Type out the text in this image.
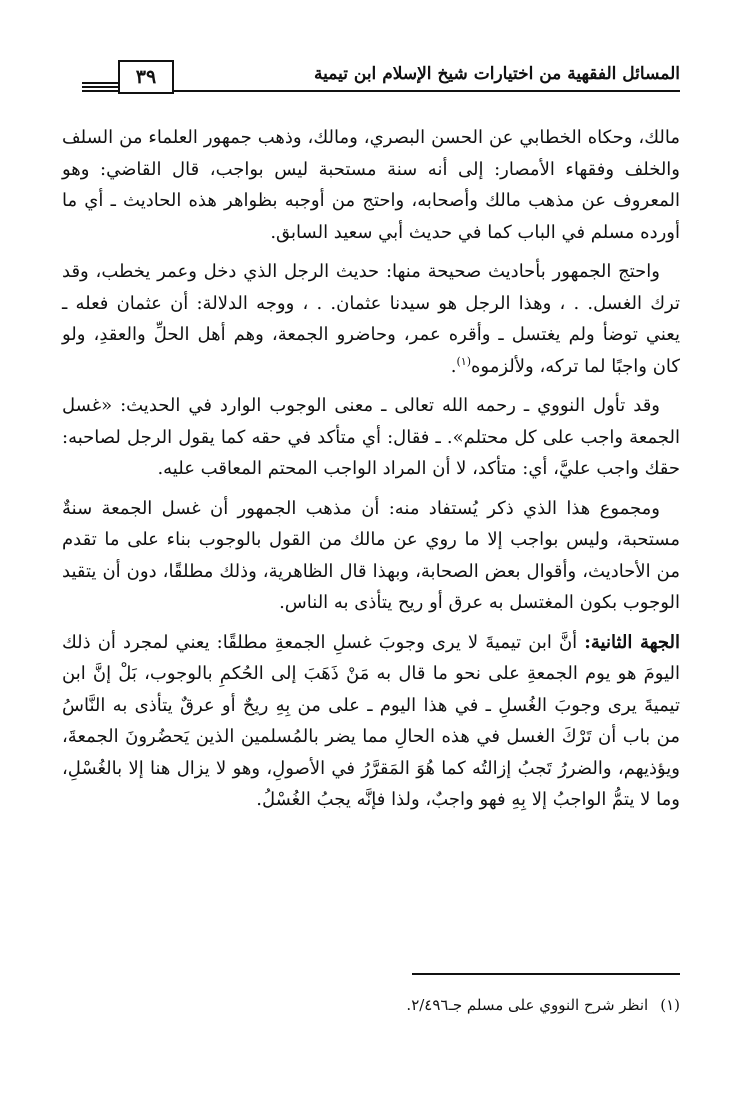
٣٩	المسائل الفقهية من اختيارات شيخ الإسلام ابن تيمية

مالك، وحكاه الخطابي عن الحسن البصري، ومالك، وذهب جمهور العلماء من السلف والخلف وفقهاء الأمصار: إلى أنه سنة مستحبة ليس بواجب، قال القاضي: وهو المعروف عن مذهب مالك وأصحابه، واحتج من أوجبه بظواهر هذه الحاديث ـ أي ما أورده مسلم في الباب كما في حديث أبي سعيد السابق.

واحتج الجمهور بأحاديث صحيحة منها: حديث الرجل الذي دخل وعمر يخطب، وقد ترك الغسل. . ، وهذا الرجل هو سيدنا عثمان. . ، ووجه الدلالة: أن عثمان فعله ـ يعني توضأ ولم يغتسل ـ وأقره عمر، وحاضرو الجمعة، وهم أهل الحلِّ والعقدِ، ولو كان واجبًا لما تركه، ولألزموه$^{(١)}$.

وقد تأول النووي ـ رحمه الله تعالى ـ معنى الوجوب الوارد في الحديث: «غسل الجمعة واجب على كل محتلم». ـ فقال: أي متأكد في حقه كما يقول الرجل لصاحبه: حقك واجب عليَّ، أي: متأكد، لا أن المراد الواجب المحتم المعاقب عليه.

ومجموع هذا الذي ذكر يُستفاد منه: أن مذهب الجمهور أن غسل الجمعة سنةٌ مستحبة، وليس بواجب إلا ما روي عن مالك من القول بالوجوب بناء على ما تقدم من الأحاديث، وأقوال بعض الصحابة، وبهذا قال الظاهرية، وذلك مطلقًا، دون أن يتقيد الوجوب بكون المغتسل به عرق أو ريح يتأذى به الناس.

الجهة الثانية: أنَّ ابن تيميةَ لا يرى وجوبَ غسلِ الجمعةِ مطلقًا: يعني لمجرد أن ذلك اليومَ هو يوم الجمعةِ على نحو ما قال به مَنْ ذَهَبَ إلى الحُكمِ بالوجوب، بَلْ إنَّ ابن تيميةَ يرى وجوبَ الغُسلِ ـ في هذا اليوم ـ على من بِهِ ريحٌ أو عرقٌ يتأذى به النَّاسُ من باب أن تَرْكَ الغسل في هذه الحالِ مما يضر بالمُسلمين الذين يَحضُرونَ الجمعةَ، ويؤذيهم، والضررُ تَجبُ إزالتُه كما هُوَ المَقرَّرُ في الأصولِ، وهو لا يزال هنا إلا بالغُسْلِ، وما لا يتمُّ الواجبُ إلا بِهِ فهو واجبٌ، ولذا فإنَّه يجبُ الغُسْلُ.

(١)انظر شرح النووي على مسلم جـ٢/٤٩٦.
